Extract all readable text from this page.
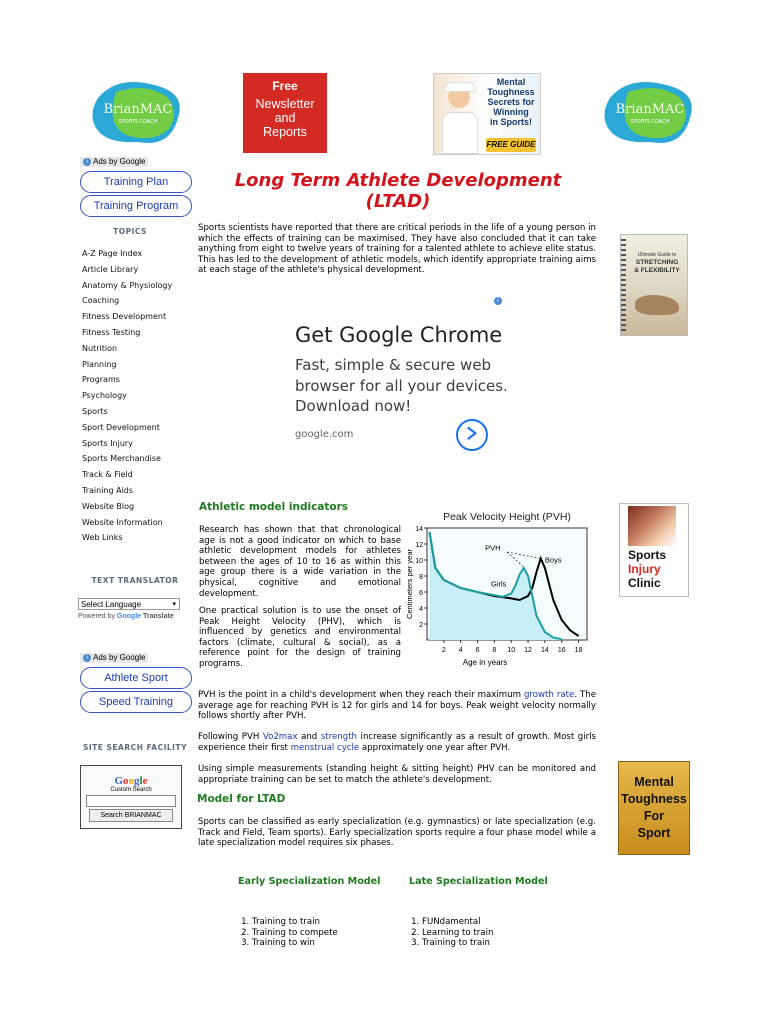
BrianMAC
SPORTS COACH
Free
Newsletter
and
Reports
Mental
Toughness
Secrets for
Winning
in Sports!
FREE GUIDE
BrianMAC
SPORTS COACH
i Ads by Google
Training Plan
Training Program
TOPICS
A-Z Page Index
Article Library
Anatomy & Physiology
Coaching
Fitness Development
Fitness Testing
Nutrition
Planning
Programs
Psychology
Sports
Sport Development
Sports Injury
Sports Merchandise
Track & Field
Training Aids
Website Blog
Website Information
Web Links
TEXT TRANSLATOR
Select Language	▾
Powered by Google Translate
i Ads by Google
Athlete Sport
Speed Training
SITE SEARCH FACILITY
Google
Custom Search
Search BRIANMAC
Long Term Athlete Development
(LTAD)
Sports scientists have reported that there are critical periods in the life of a young person in which the effects of training can be maximised. They have also concluded that it can take anything from eight to twelve years of training for a talented athlete to achieve elite status. This has led to the development of athletic models, which identify appropriate training aims at each stage of the athlete's physical development.
i
Get Google Chrome
Fast, simple & secure web
browser for all your devices.
Download now!
google.com
Athletic model indicators
Research has shown that that chronological age is not a good indicator on which to base athletic development models for athletes between the ages of 10 to 16 as within this age group there is a wide variation in the physical, cognitive and emotional development.
One practical solution is to use the onset of Peak Height Velocity (PHV), which is influenced by genetics and environmental factors (climate, cultural & social), as a reference point for the design of training programs.
Peak Velocity Height (PVH)
2
4
6
8
10
12
14
2 4 6 8 10 12 14 16 18
Age in years
Centimeters per year
PVH
Boys
Girls
PVH is the point in a child's development when they reach their maximum growth rate. The average age for reaching PVH is 12 for girls and 14 for boys. Peak weight velocity normally follows shortly after PVH.
Following PVH Vo2max and strength increase significantly as a result of growth. Most girls experience their first menstrual cycle approximately one year after PVH.
Using simple measurements (standing height & sitting height) PHV can be monitored and appropriate training can be set to match the athlete's development.
Model for LTAD
Sports can be classified as early specialization (e.g. gymnastics) or late specialization (e.g. Track and Field, Team sports). Early specialization sports require a four phase model while a late specialization model requires six phases.
Early Specialization Model	Late Specialization Model
1. Training to train
2. Training to compete
3. Training to win
1. FUNdamental
2. Learning to train
3. Training to train
Ultimate Guide to
STRETCHING
& FLEXIBILITY
Sports
Injury
Clinic
Mental
Toughness
For
Sport
